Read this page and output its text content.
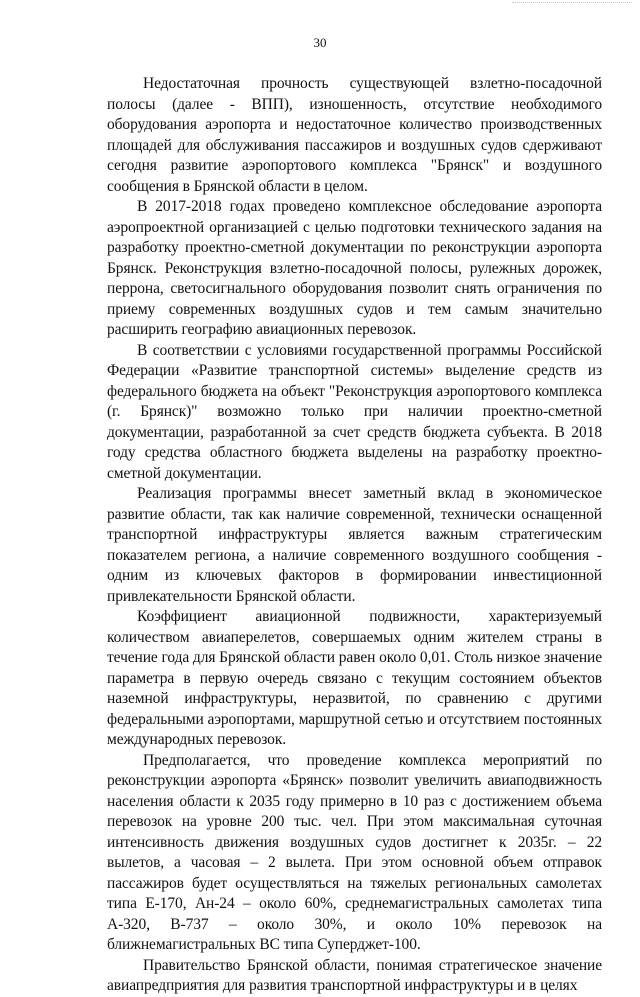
30

Недостаточная прочность существующей взлетно-посадочной полосы (далее - ВПП), изношенность, отсутствие необходимого оборудования аэропорта и недостаточное количество производственных площадей для обслуживания пассажиров и воздушных судов сдерживают сегодня развитие аэропортового комплекса "Брянск" и воздушного сообщения в Брянской области в целом.

В 2017-2018 годах проведено комплексное обследование аэропорта аэропроектной организацией с целью подготовки технического задания на разработку проектно-сметной документации по реконструкции аэропорта Брянск. Реконструкция взлетно-посадочной полосы, рулежных дорожек, перрона, светосигнального оборудования позволит снять ограничения по приему современных воздушных судов и тем самым значительно расширить географию авиационных перевозок.

В соответствии с условиями государственной программы Российской Федерации «Развитие транспортной системы» выделение средств из федерального бюджета на объект "Реконструкция аэропортового комплекса (г. Брянск)" возможно только при наличии проектно-сметной документации, разработанной за счет средств бюджета субъекта. В 2018 году средства областного бюджета выделены на разработку проектно-сметной документации.

Реализация программы внесет заметный вклад в экономическое развитие области, так как наличие современной, технически оснащенной транспортной инфраструктуры является важным стратегическим показателем региона, а наличие современного воздушного сообщения - одним из ключевых факторов в формировании инвестиционной привлекательности Брянской области.

Коэффициент авиационной подвижности, характеризуемый количеством авиаперелетов, совершаемых одним жителем страны в течение года для Брянской области равен около 0,01. Столь низкое значение параметра в первую очередь связано с текущим состоянием объектов наземной инфраструктуры, неразвитой, по сравнению с другими федеральными аэропортами, маршрутной сетью и отсутствием постоянных международных перевозок.

Предполагается, что проведение комплекса мероприятий по реконструкции аэропорта «Брянск» позволит увеличить авиаподвижность населения области к 2035 году примерно в 10 раз с достижением объема перевозок на уровне 200 тыс. чел. При этом максимальная суточная интенсивность движения воздушных судов достигнет к 2035г. – 22 вылетов, а часовая – 2 вылета. При этом основной объем отправок пассажиров будет осуществляться на тяжелых региональных самолетах типа Е-170, Ан-24 – около 60%, среднемагистральных самолетах типа А-320, В-737 – около 30%, и около 10% перевозок на ближнемагистральных ВС типа Суперджет-100.

Правительство Брянской области, понимая стратегическое значение авиапредприятия для развития транспортной инфраструктуры и в целях
